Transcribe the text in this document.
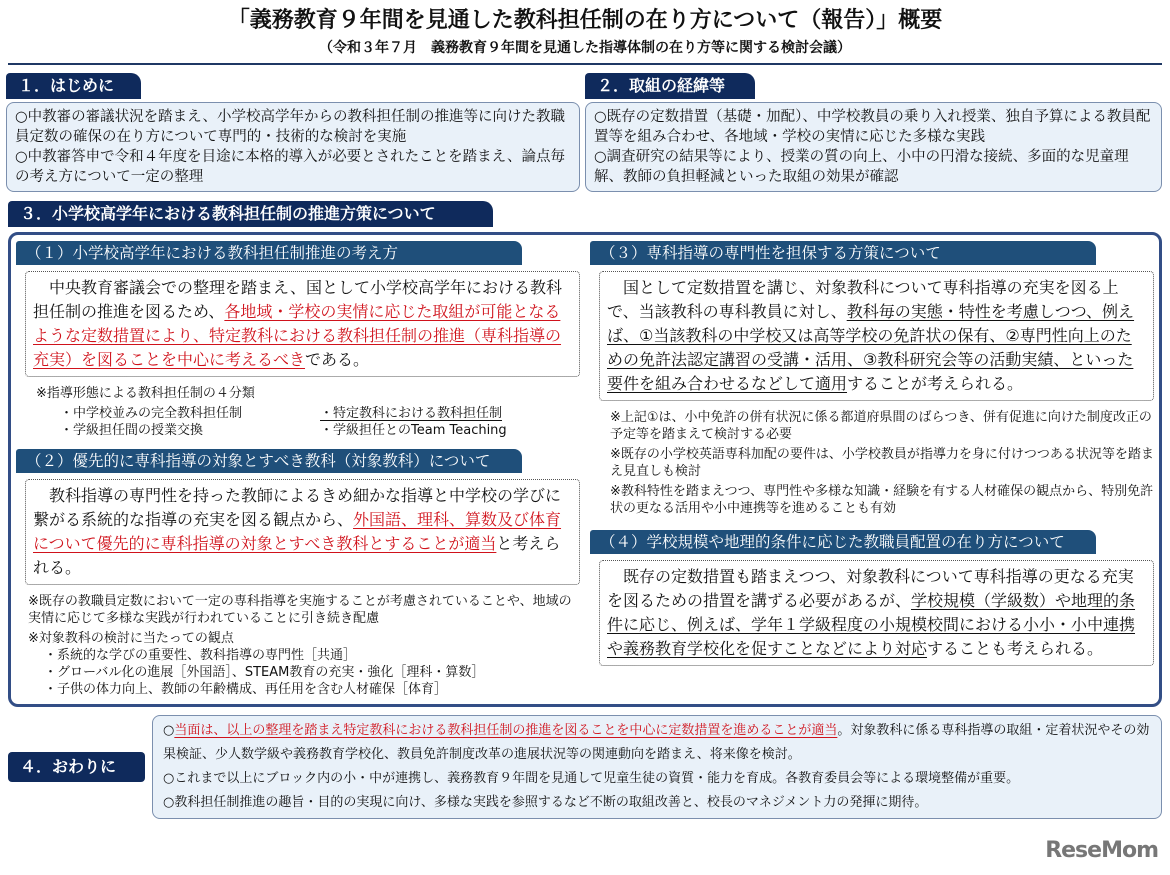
「義務教育９年間を見通した教科担任制の在り方について（報告）」概要
（令和３年７月　義務教育９年間を見通した指導体制の在り方等に関する検討会議）
１．はじめに

○中教審の審議状況を踏まえ、小学校高学年からの教科担任制の推進等に向けた教職員定数の確保の在り方について専門的・技術的な検討を実施

○中教審答申で令和４年度を目途に本格的導入が必要とされたことを踏まえ、論点毎の考え方について一定の整理

２．取組の経緯等

○既存の定数措置（基礎・加配）、中学校教員の乗り入れ授業、独自予算による教員配置等を組み合わせ、各地域・学校の実情に応じた多様な実践

○調査研究の結果等により、授業の質の向上、小中の円滑な接続、多面的な児童理解、教師の負担軽減といった取組の効果が確認

３．小学校高学年における教科担任制の推進方策について
（１）小学校高学年における教科担任制推進の考え方
　中央教育審議会での整理を踏まえ、国として小学校高学年における教科担任制の推進を図るため、各地域・学校の実情に応じた取組が可能となるような定数措置により、特定教科における教科担任制の推進（専科指導の充実）を図ることを中心に考えるべきである。

※指導形態による教科担任制の４分類

・中学校並みの完全教科担任制	・特定教科における教科担任制
・学級担任間の授業交換	・学級担任とのTeam Teaching
（２）優先的に専科指導の対象とすべき教科（対象教科）について
　教科指導の専門性を持った教師によるきめ細かな指導と中学校の学びに繋がる系統的な指導の充実を図る観点から、外国語、理科、算数及び体育について優先的に専科指導の対象とすべき教科とすることが適当と考えられる。

※既存の教職員定数において一定の専科指導を実施することが考慮されていることや、地域の実情に応じて多様な実践が行われていることに引き続き配慮

※対象教科の検討に当たっての観点

・系統的な学びの重要性、教科指導の専門性［共通］

・グローバル化の進展［外国語］、STEAM教育の充実・強化［理科・算数］

・子供の体力向上、教師の年齢構成、再任用を含む人材確保［体育］

（３）専科指導の専門性を担保する方策について
　国として定数措置を講じ、対象教科について専科指導の充実を図る上で、当該教科の専科教員に対し、教科毎の実態・特性を考慮しつつ、例えば、①当該教科の中学校又は高等学校の免許状の保有、②専門性向上のための免許法認定講習の受講・活用、③教科研究会等の活動実績、といった要件を組み合わせるなどして適用することが考えられる。

※上記①は、小中免許の併有状況に係る都道府県間のばらつき、併有促進に向けた制度改正の予定等を踏まえて検討する必要

※既存の小学校英語専科加配の要件は、小学校教員が指導力を身に付けつつある状況等を踏まえ見直しも検討

※教科特性を踏まえつつ、専門性や多様な知識・経験を有する人材確保の観点から、特別免許状の更なる活用や小中連携等を進めることも有効

（４）学校規模や地理的条件に応じた教職員配置の在り方について
　既存の定数措置も踏まえつつ、対象教科について専科指導の更なる充実を図るための措置を講ずる必要があるが、学校規模（学級数）や地理的条件に応じ、例えば、学年１学級程度の小規模校間における小小・小中連携や義務教育学校化を促すことなどにより対応することも考えられる。
４．おわりに

○当面は、以上の整理を踏まえ特定教科における教科担任制の推進を図ることを中心に定数措置を進めることが適当。対象教科に係る専科指導の取組・定着状況やその効果検証、少人数学級や義務教育学校化、教員免許制度改革の進展状況等の関連動向を踏まえ、将来像を検討。

○これまで以上にブロック内の小・中が連携し、義務教育９年間を見通して児童生徒の資質・能力を育成。各教育委員会等による環境整備が重要。

○教科担任制推進の趣旨・目的の実現に向け、多様な実践を参照するなど不断の取組改善と、校長のマネジメント力の発揮に期待。

ReseMom
